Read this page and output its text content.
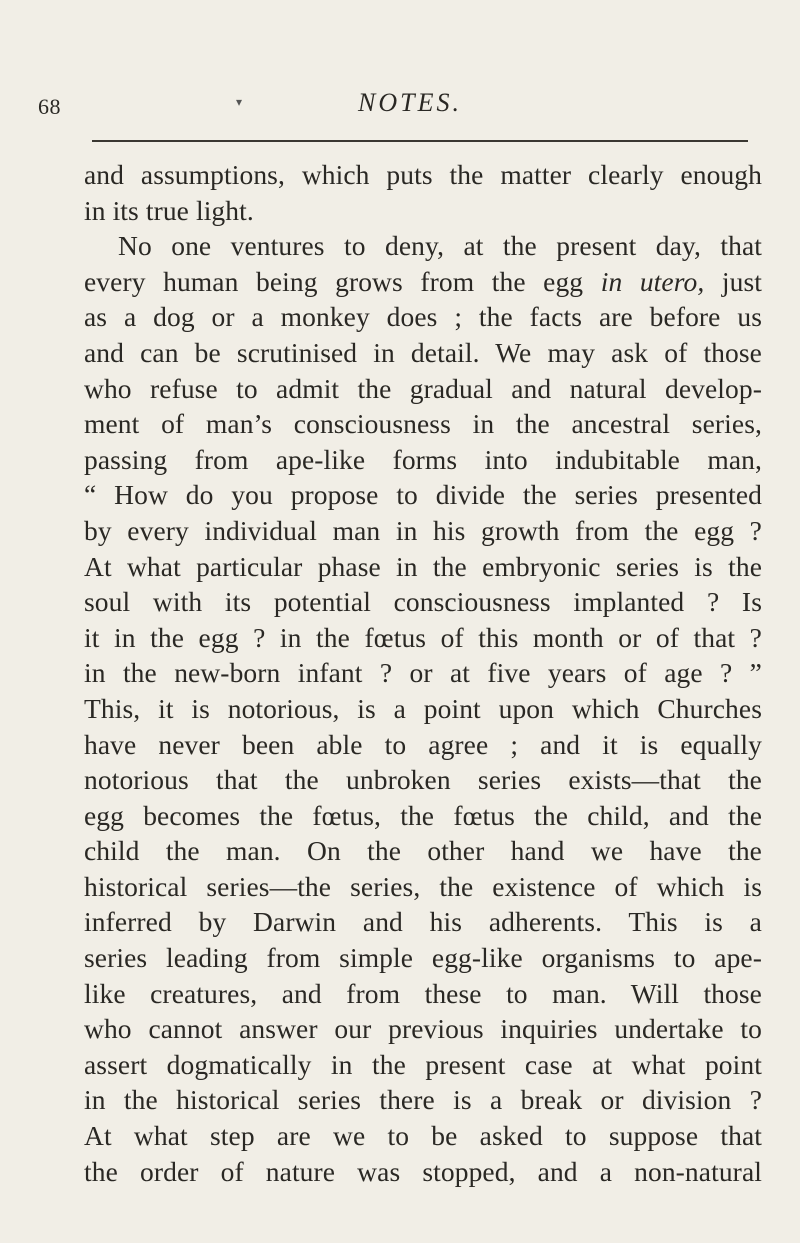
68	▾	NOTES.
and assumptions, which puts the matter clearly enough
in its true light.
No one ventures to deny, at the present day, that
every human being grows from the egg in utero, just
as a dog or a monkey does ; the facts are before us
and can be scrutinised in detail. We may ask of those
who refuse to admit the gradual and natural develop-
ment of man’s consciousness in the ancestral series,
passing from ape-like forms into indubitable man,
“ How do you propose to divide the series presented
by every individual man in his growth from the egg ?
At what particular phase in the embryonic series is the
soul with its potential consciousness implanted ? Is
it in the egg ? in the fœtus of this month or of that ?
in the new-born infant ? or at five years of age ? ”
This, it is notorious, is a point upon which Churches
have never been able to agree ; and it is equally
notorious that the unbroken series exists—that the
egg becomes the fœtus, the fœtus the child, and the
child the man. On the other hand we have the
historical series—the series, the existence of which is
inferred by Darwin and his adherents. This is a
series leading from simple egg-like organisms to ape-
like creatures, and from these to man. Will those
who cannot answer our previous inquiries undertake to
assert dogmatically in the present case at what point
in the historical series there is a break or division ?
At what step are we to be asked to suppose that
the order of nature was stopped, and a non-natural
